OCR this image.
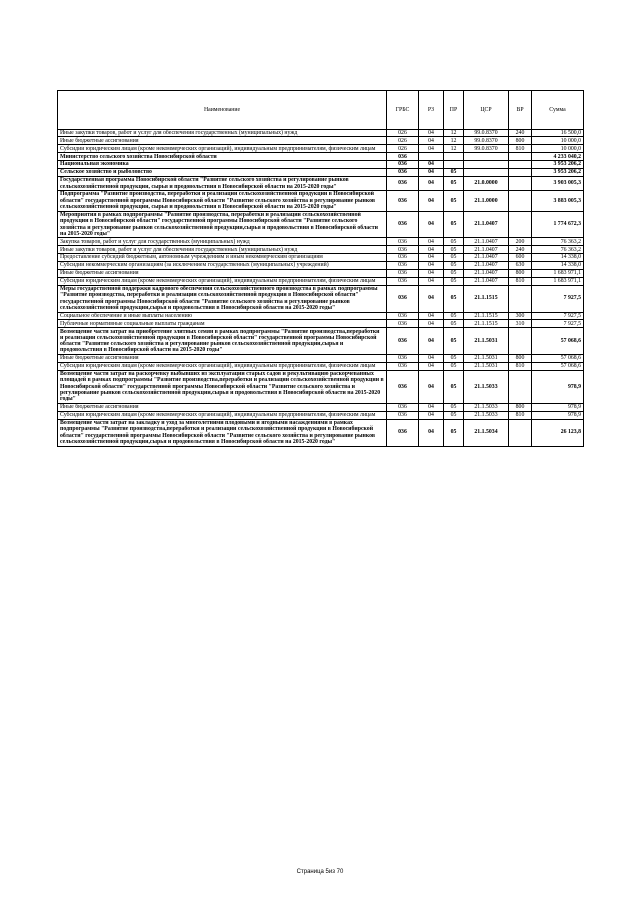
Наименование	ГРБС	РЗ	ПР	ЦСР	ВР	Сумма
Иные закупки товаров, работ и услуг для обеспечения государственных (муниципальных) нужд	026	04	12	99.0.8370	240	16 500,0
Иные бюджетные ассигнования	026	04	12	99.0.8370	800	10 000,0
Субсидии юридическим лицам (кроме некоммерческих организаций), индивидуальным предпринимателям, физическим лицам	026	04	12	99.0.8370	810	10 000,0
Министерство сельского хозяйства Новосибирской области	036					4 233 040,2
Национальная экономика	036	04				3 953 206,2
Сельское хозяйство и рыболовство	036	04	05			3 953 206,2
Государственная программа Новосибирской области "Развитие сельского хозяйства и регулирование рынков сельскохозяйственной продукции, сырья и продовольствия в Новосибирской области на 2015-2020 годы"	036	04	05	21.0.0000		3 903 005,3
Подпрограмма "Развитие производства, переработки и реализации сельскохозяйственной продукции в Новосибирской области" государственной программы Новосибирской области "Развитие сельского хозяйства и регулирование рынков сельскохозяйственной продукции, сырья и продовольствия в Новосибирской области на 2015-2020 годы"	036	04	05	21.1.0000		3 883 005,3
Мероприятия в рамках подпрограммы "Развитие производства, переработки и реализации сельскохозяйственной продукции в Новосибирской области" государственной программы Новосибирской области "Развитие сельского хозяйства и регулирование рынков сельскохозяйственной продукции,сырья и продовольствия в Новосибирской области на 2015-2020 годы"	036	04	05	21.1.0407		1 774 672,3
Закупка товаров, работ и услуг для государственных (муниципальных) нужд	036	04	05	21.1.0407	200	76 363,2
Иные закупки товаров, работ и услуг для обеспечения государственных (муниципальных) нужд	036	04	05	21.1.0407	240	76 363,2
Предоставление субсидий бюджетным, автономным учреждениям и иным некоммерческим организациям	036	04	05	21.1.0407	600	14 338,0
Субсидии некоммерческим организациям (за исключением государственных (муниципальных) учреждений)	036	04	05	21.1.0407	630	14 338,0
Иные бюджетные ассигнования	036	04	05	21.1.0407	800	1 683 971,1
Субсидии юридическим лицам (кроме некоммерческих организаций), индивидуальным предпринимателям, физическим лицам	036	04	05	21.1.0407	810	1 683 971,1
Меры государственной поддержки кадрового обеспечения сельскохозяйственного производства в рамках подпрограммы "Развитие производства, переработки и реализации сельскохозяйственной продукции в Новосибирской области" государственной программы Новосибирской области "Развитие сельского хозяйства и регулирование рынков сельскохозяйственной продукции,сырья и продовольствия в Новосибирской области на 2015-2020 годы"	036	04	05	21.1.1515		7 927,5
Социальное обеспечение и иные выплаты населению	036	04	05	21.1.1515	300	7 927,5
Публичные нормативные социальные выплаты гражданам	036	04	05	21.1.1515	310	7 927,5
Возмещение части затрат на приобретение элитных семян в рамках подпрограммы "Развитие производства,переработки и реализации сельскохозяйственной продукции в Новосибирской области" государственной программы Новосибирской области "Развитие сельского хозяйства и регулирование рынков сельскохозяйственной продукции,сырья и продовольствия в Новосибирской области на 2015-2020 годы"	036	04	05	21.1.5031		57 068,6
Иные бюджетные ассигнования	036	04	05	21.1.5031	800	57 068,6
Субсидии юридическим лицам (кроме некоммерческих организаций), индивидуальным предпринимателям, физическим лицам	036	04	05	21.1.5031	810	57 068,6
Возмещение части затрат на раскорчевку выбывших из эксплуатации старых садов и рекультивацию раскорчеванных площадей в рамках подпрограммы "Развитие производства,переработки и реализации сельскохозяйственной продукции в Новосибирской области" государственной программы Новосибирской области "Развитие сельского хозяйства и регулирование рынков сельскохозяйственной продукции,сырья и продовольствия в Новосибирской области на 2015-2020 годы"	036	04	05	21.1.5033		978,9
Иные бюджетные ассигнования	036	04	05	21.1.5033	800	978,9
Субсидии юридическим лицам (кроме некоммерческих организаций), индивидуальным предпринимателям, физическим лицам	036	04	05	21.1.5033	810	978,9
Возмещение части затрат на закладку и уход за многолетними плодовыми и ягодными насаждениями в рамках подпрограммы "Развитие производства,переработки и реализации сельскохозяйственной продукции в Новосибирской области" государственной программы Новосибирской области "Развитие сельского хозяйства и регулирование рынков сельскохозяйственной продукции,сырья и продовольствия в Новосибирской области на 2015-2020 годы"	036	04	05	21.1.5034		26 123,8
Страница 5из 70
